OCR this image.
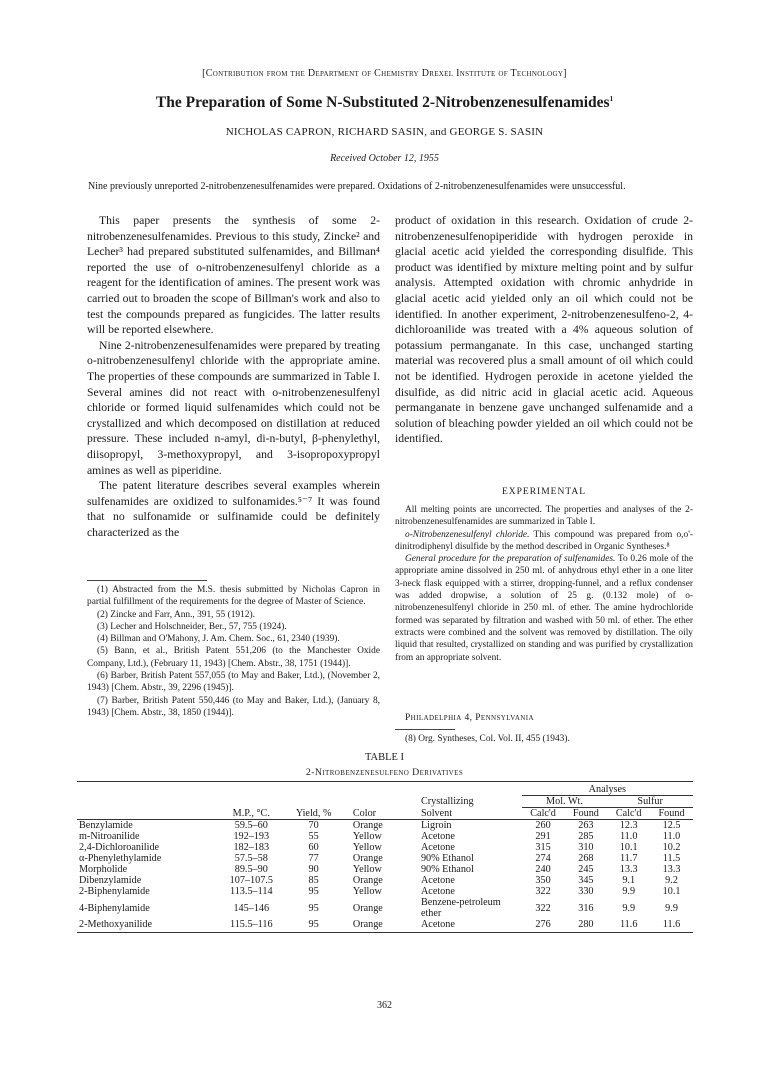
[Contribution from the Department of Chemistry Drexel Institute of Technology]
The Preparation of Some N-Substituted 2-Nitrobenzenesulfenamides$^1$
NICHOLAS CAPRON, RICHARD SASIN, and GEORGE S. SASIN
Received October 12, 1955
Nine previously unreported 2-nitrobenzenesulfenamides were prepared. Oxidations of 2-nitrobenzenesulfenamides were unsuccessful.

This paper presents the synthesis of some 2-nitrobenzenesulfenamides. Previous to this study, Zincke² and Lecher³ had prepared substituted sulfenamides, and Billman⁴ reported the use of o-nitrobenzenesulfenyl chloride as a reagent for the identification of amines. The present work was carried out to broaden the scope of Billman's work and also to test the compounds prepared as fungicides. The latter results will be reported elsewhere.

Nine 2-nitrobenzenesulfenamides were prepared by treating o-nitrobenzenesulfenyl chloride with the appropriate amine. The properties of these compounds are summarized in Table I. Several amines did not react with o-nitrobenzenesulfenyl chloride or formed liquid sulfenamides which could not be crystallized and which decomposed on distillation at reduced pressure. These included n-amyl, di-n-butyl, β-phenylethyl, diisopropyl, 3-methoxypropyl, and 3-isopropoxypropyl amines as well as piperidine.

The patent literature describes several examples wherein sulfenamides are oxidized to sulfonamides.⁵⁻⁷ It was found that no sulfonamide or sulfinamide could be definitely characterized as the

(1) Abstracted from the M.S. thesis submitted by Nicholas Capron in partial fulfillment of the requirements for the degree of Master of Science.

(2) Zincke and Farr, Ann., 391, 55 (1912).

(3) Lecher and Holschneider, Ber., 57, 755 (1924).

(4) Billman and O'Mahony, J. Am. Chem. Soc., 61, 2340 (1939).

(5) Bann, et al., British Patent 551,206 (to the Manchester Oxide Company, Ltd.), (February 11, 1943) [Chem. Abstr., 38, 1751 (1944)].

(6) Barber, British Patent 557,055 (to May and Baker, Ltd.), (November 2, 1943) [Chem. Abstr., 39, 2296 (1945)].

(7) Barber, British Patent 550,446 (to May and Baker, Ltd.), (January 8, 1943) [Chem. Abstr., 38, 1850 (1944)].

product of oxidation in this research. Oxidation of crude 2-nitrobenzenesulfenopiperidide with hydrogen peroxide in glacial acetic acid yielded the corresponding disulfide. This product was identified by mixture melting point and by sulfur analysis. Attempted oxidation with chromic anhydride in glacial acetic acid yielded only an oil which could not be identified. In another experiment, 2-nitrobenzenesulfeno-2, 4-dichloroanilide was treated with a 4% aqueous solution of potassium permanganate. In this case, unchanged starting material was recovered plus a small amount of oil which could not be identified. Hydrogen peroxide in acetone yielded the disulfide, as did nitric acid in glacial acetic acid. Aqueous permanganate in benzene gave unchanged sulfenamide and a solution of bleaching powder yielded an oil which could not be identified.

EXPERIMENTAL

All melting points are uncorrected. The properties and analyses of the 2-nitrobenzenesulfenamides are summarized in Table I.

o-Nitrobenzenesulfenyl chloride. This compound was prepared from o,o'-dinitrodiphenyl disulfide by the method described in Organic Syntheses.⁸

General procedure for the preparation of sulfenamides. To 0.26 mole of the appropriate amine dissolved in 250 ml. of anhydrous ethyl ether in a one liter 3-neck flask equipped with a stirrer, dropping-funnel, and a reflux condenser was added dropwise, a solution of 25 g. (0.132 mole) of o-nitrobenzenesulfenyl chloride in 250 ml. of ether. The amine hydrochloride formed was separated by filtration and washed with 50 ml. of ether. The ether extracts were combined and the solvent was removed by distillation. The oily liquid that resulted, crystallized on standing and was purified by crystallization from an appropriate solvent.

Philadelphia 4, Pennsylvania
(8) Org. Syntheses, Col. Vol. II, 455 (1943).
TABLE I
2-Nitrobenzenesulfeno Derivatives

					Analyses			
				Crystallizing	Mol. Wt.		Sulfur	
	M.P., °C.	Yield, %	Color	Solvent	Calc'd	Found	Calc'd	Found
Benzylamide	59.5–60	70	Orange	Ligroin	260	263	12.3	12.5
m-Nitroanilide	192–193	55	Yellow	Acetone	291	285	11.0	11.0
2,4-Dichloroanilide	182–183	60	Yellow	Acetone	315	310	10.1	10.2
α-Phenylethylamide	57.5–58	77	Orange	90% Ethanol	274	268	11.7	11.5
Morpholide	89.5–90	90	Yellow	90% Ethanol	240	245	13.3	13.3
Dibenzylamide	107–107.5	85	Orange	Acetone	350	345	9.1	9.2
2-Biphenylamide	113.5–114	95	Yellow	Acetone	322	330	9.9	10.1
4-Biphenylamide	145–146	95	Orange	Benzene-petroleum ether	322	316	9.9	9.9
2-Methoxyanilide	115.5–116	95	Orange	Acetone	276	280	11.6	11.6

362
